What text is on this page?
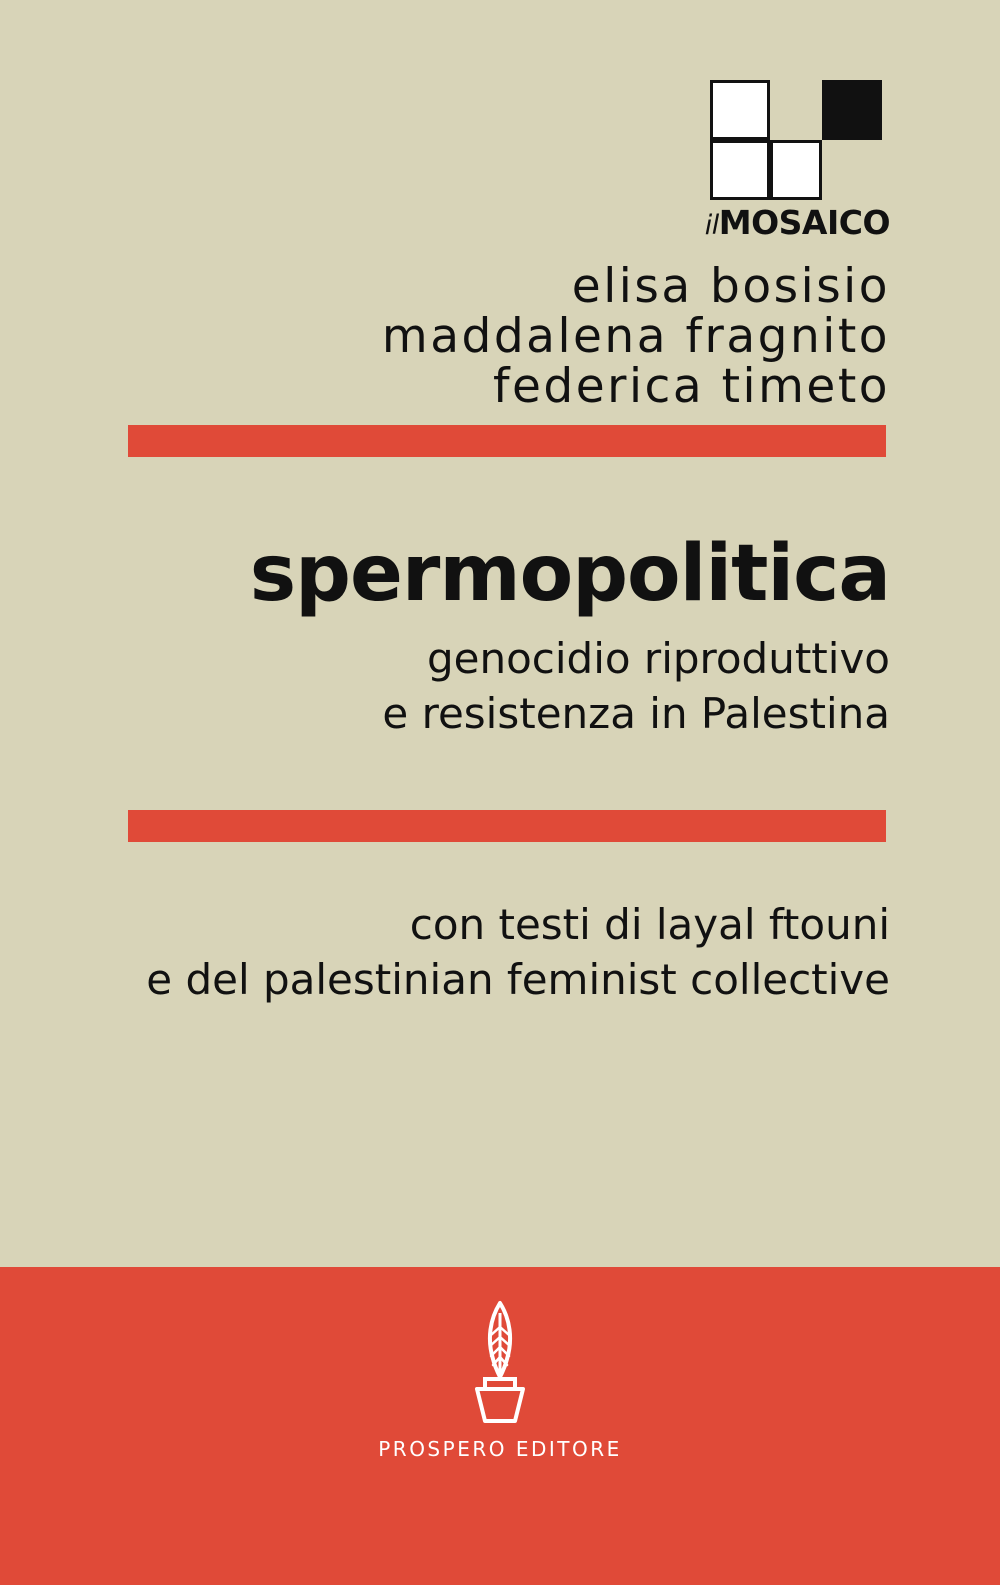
ilMOSAICO
elisa bosisio
maddalena fragnito
federica timeto
spermopolitica
genocidio riproduttivo
e resistenza in Palestina
con testi di layal ftouni
e del palestinian feminist collective
PROSPERO EDITORE
